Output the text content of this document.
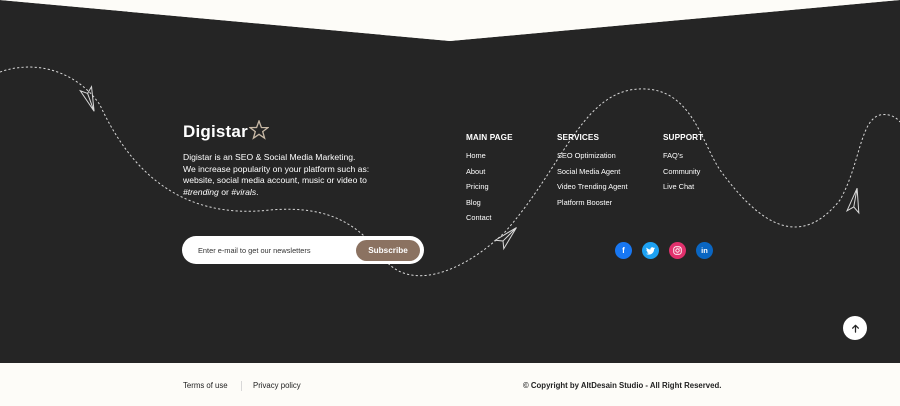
Digistar
Digistar is an SEO & Social Media Marketing.
We increase popularity on your platform such as: website, social media account, music or video to #trending or #virals.
Enter e-mail to get our newsletters
Subscribe
MAIN PAGE
Home
About
Pricing
Blog
Contact
SERVICES
SEO Optimization
Social Media Agent
Video Trending Agent
Platform Booster
SUPPORT
FAQ's
Community
Live Chat
f	in
Terms of use	Privacy policy	© Copyright by AltDesain Studio - All Right Reserved.
